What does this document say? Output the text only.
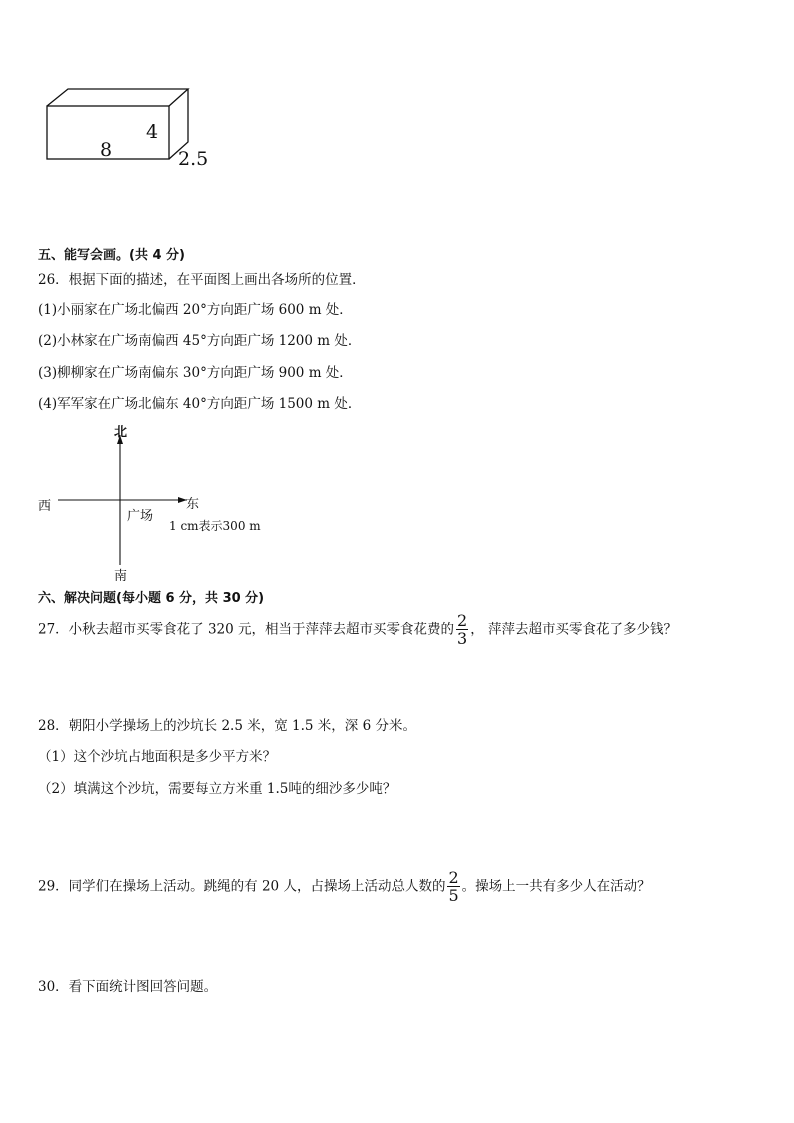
8
4
2.5
五、能写会画。(共 4 分)
26．根据下面的描述，在平面图上画出各场所的位置．
(1)小丽家在广场北偏西 20°方向距广场 600 m 处．
(2)小林家在广场南偏西 45°方向距广场 1200 m 处．
(3)柳柳家在广场南偏东 30°方向距广场 900 m 处．
(4)军军家在广场北偏东 40°方向距广场 1500 m 处．
北
西	东
广场
1 cm表示300 m
南
六、解决问题(每小题 6 分，共 30 分)
27．小秋去超市买零食花了 320 元，相当于萍萍去超市买零食花费的 $\frac{2}{3}$ ， 萍萍去超市买零食花了多少钱？
28．朝阳小学操场上的沙坑长 2.5 米，宽 1.5 米，深 6 分米。
（1）这个沙坑占地面积是多少平方米？
（2）填满这个沙坑，需要每立方米重 1.5吨的细沙多少吨？
29．同学们在操场上活动。跳绳的有 20 人，占操场上活动总人数的 $\frac{2}{5}$ 。操场上一共有多少人在活动？
30．看下面统计图回答问题。
